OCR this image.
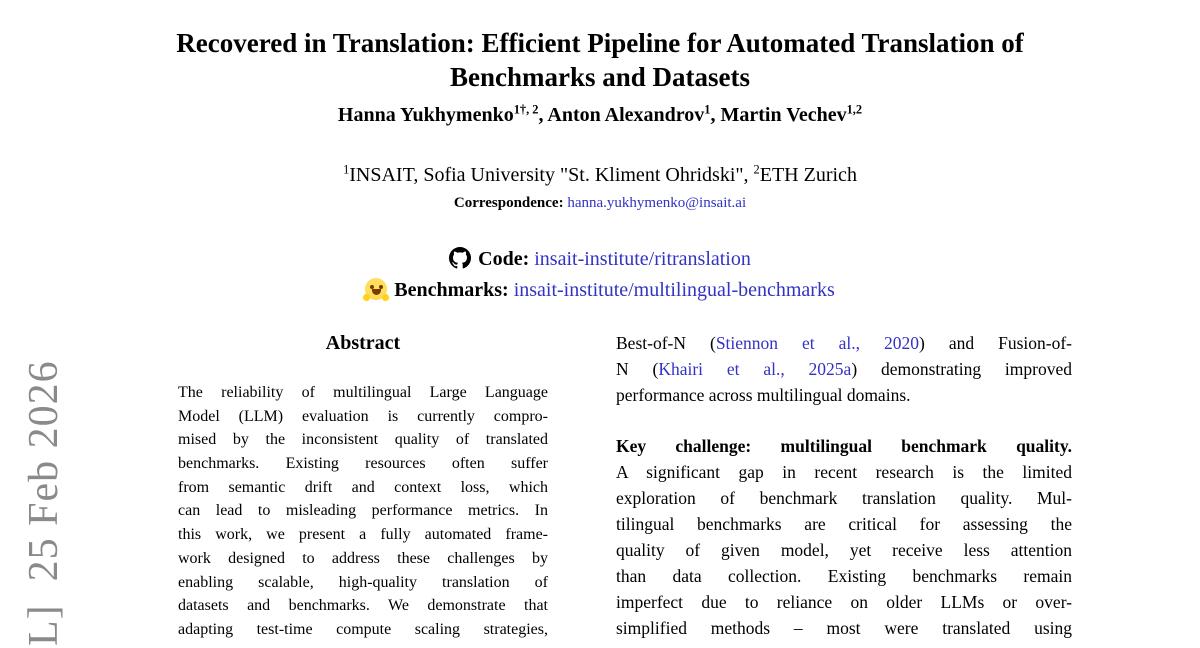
L]  25 Feb 2026
Recovered in Translation: Efficient Pipeline for Automated Translation of
Benchmarks and Datasets
Hanna Yukhymenko$^{1\dagger, 2}$, Anton Alexandrov$^1$, Martin Vechev$^{1,2}$
$^1$INSAIT, Sofia University "St. Kliment Ohridski", $^2$ETH Zurich
Correspondence: hanna.yukhymenko@insait.ai
Code: insait-institute/ritranslation
Benchmarks: insait-institute/multilingual-benchmarks
Abstract
The reliability of multilingual Large Language
Model (LLM) evaluation is currently compro-
mised by the inconsistent quality of translated
benchmarks. Existing resources often suffer
from semantic drift and context loss, which
can lead to misleading performance metrics. In
this work, we present a fully automated frame-
work designed to address these challenges by
enabling scalable, high-quality translation of
datasets and benchmarks. We demonstrate that
adapting test-time compute scaling strategies,
Best-of-N (Stiennon et al., 2020) and Fusion-of-
N (Khairi et al., 2025a) demonstrating improved
performance across multilingual domains.
Key challenge: multilingual benchmark quality.
A significant gap in recent research is the limited
exploration of benchmark translation quality. Mul-
tilingual benchmarks are critical for assessing the
quality of given model, yet receive less attention
than data collection. Existing benchmarks remain
imperfect due to reliance on older LLMs or over-
simplified methods – most were translated using
